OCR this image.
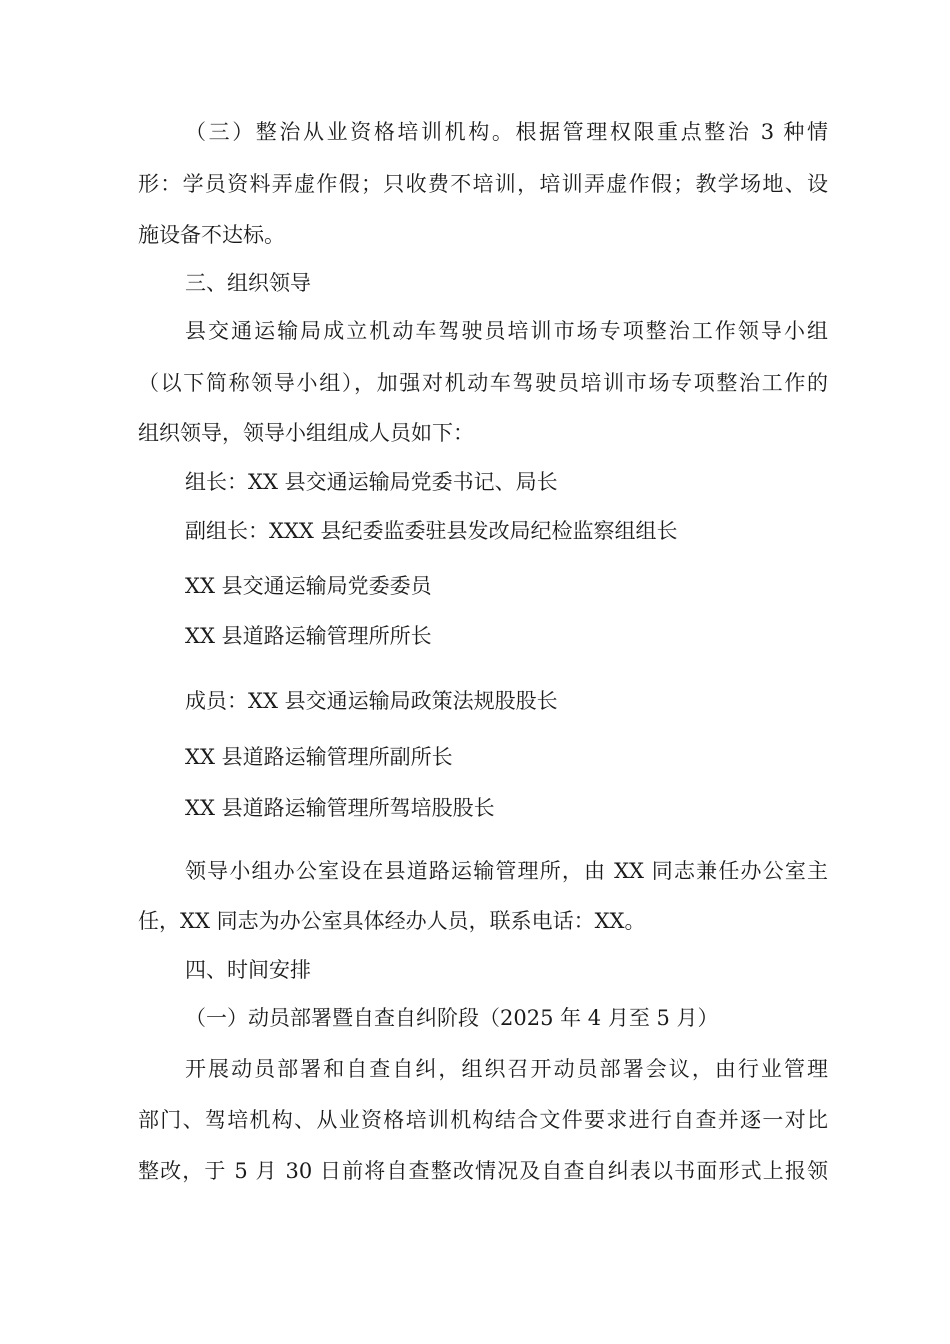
（三）整治从业资格培训机构。根据管理权限重点整治 3 种情
形：学员资料弄虚作假；只收费不培训，培训弄虚作假；教学场地、设
施设备不达标。
三、组织领导
县交通运输局成立机动车驾驶员培训市场专项整治工作领导小组
（以下简称领导小组），加强对机动车驾驶员培训市场专项整治工作的
组织领导，领导小组组成人员如下：
组长：XX 县交通运输局党委书记、局长
副组长：XXX 县纪委监委驻县发改局纪检监察组组长
XX 县交通运输局党委委员
XX 县道路运输管理所所长
成员：XX 县交通运输局政策法规股股长
XX 县道路运输管理所副所长
XX 县道路运输管理所驾培股股长
领导小组办公室设在县道路运输管理所，由 XX 同志兼任办公室主
任，XX 同志为办公室具体经办人员，联系电话：XX。
四、时间安排
（一）动员部署暨自查自纠阶段（2025 年 4 月至 5 月）
开展动员部署和自查自纠，组织召开动员部署会议，由行业管理
部门、驾培机构、从业资格培训机构结合文件要求进行自查并逐一对比
整改，于 5 月 30 日前将自查整改情况及自查自纠表以书面形式上报领
